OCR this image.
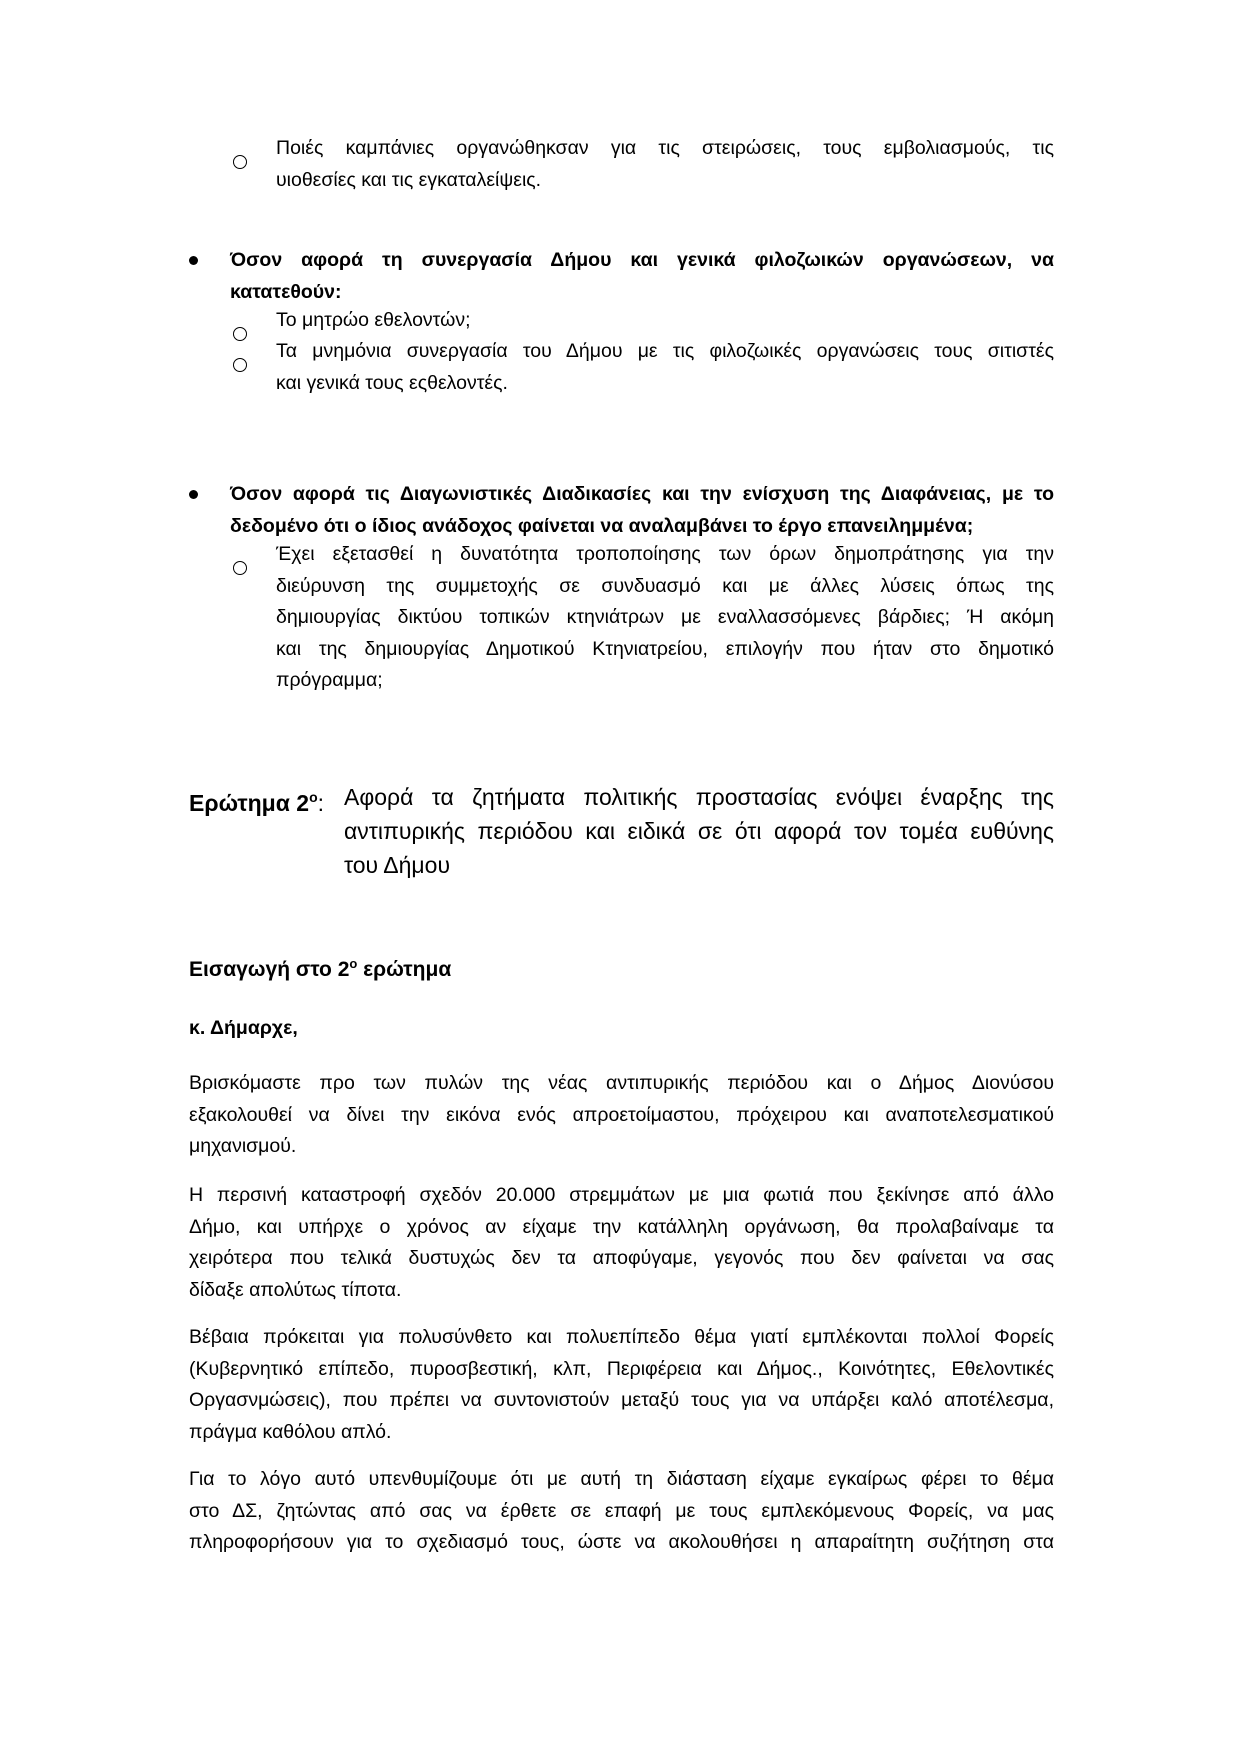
Ποιές καμπάνιες οργανώθηκσαν για τις στειρώσεις, τους εμβολιασμούς, τις
υιοθεσίες και τις εγκαταλείψεις.
Όσον αφορά τη συνεργασία Δήμου και γενικά φιλοζωικών οργανώσεων, να
κατατεθούν:
Το μητρώο εθελοντών;
Τα μνημόνια συνεργασία του Δήμου με τις φιλοζωικές οργανώσεις τους σιτιστές
και γενικά τους εςθελοντές.
Όσον αφορά τις Διαγωνιστικές Διαδικασίες και την ενίσχυση της Διαφάνειας, με το
δεδομένο ότι ο ίδιος ανάδοχος φαίνεται να αναλαμβάνει το έργο επανειλημμένα;
Έχει εξετασθεί η δυνατότητα τροποποίησης των όρων δημοπράτησης για την
διεύρυνση της συμμετοχής σε συνδυασμό και με άλλες λύσεις όπως της
δημιουργίας δικτύου τοπικών κτηνιάτρων με εναλλασσόμενες βάρδιες; Ή ακόμη
και της δημιουργίας Δημοτικού Κτηνιατρείου, επιλογήν που ήταν στο δημοτικό
πρόγραμμα;
Ερώτημα $2^o$: Αφορά τα ζητήματα πολιτικής προστασίας ενόψει έναρξης της
αντιπυρικής περιόδου και ειδικά σε ότι αφορά τον τομέα ευθύνης
του Δήμου
Εισαγωγή στο $2^o$ ερώτημα
κ. Δήμαρχε,
Βρισκόμαστε προ των πυλών της νέας αντιπυρικής περιόδου και ο Δήμος Διονύσου
εξακολουθεί να δίνει την εικόνα ενός απροετοίμαστου, πρόχειρου και αναποτελεσματικού
μηχανισμού.
Η περσινή καταστροφή σχεδόν 20.000 στρεμμάτων με μια φωτιά που ξεκίνησε από άλλο
Δήμο, και υπήρχε ο χρόνος αν είχαμε την κατάλληλη οργάνωση, θα προλαβαίναμε τα
χειρότερα που τελικά δυστυχώς δεν τα αποφύγαμε, γεγονός που δεν φαίνεται να σας
δίδαξε απολύτως τίποτα.
Βέβαια πρόκειται για πολυσύνθετο και πολυεπίπεδο θέμα γιατί εμπλέκονται πολλοί Φορείς
(Κυβερνητικό επίπεδο, πυροσβεστική, κλπ, Περιφέρεια και Δήμος., Κοινότητες, Εθελοντικές
Οργασνμώσεις), που πρέπει να συντονιστούν μεταξύ τους για να υπάρξει καλό αποτέλεσμα,
πράγμα καθόλου απλό.
Για το λόγο αυτό υπενθυμίζουμε ότι με αυτή τη διάσταση είχαμε εγκαίρως φέρει το θέμα
στο ΔΣ, ζητώντας από σας να έρθετε σε επαφή με τους εμπλεκόμενους Φορείς, να μας
πληροφορήσουν για το σχεδιασμό τους, ώστε να ακολουθήσει η απαραίτητη συζήτηση στα
